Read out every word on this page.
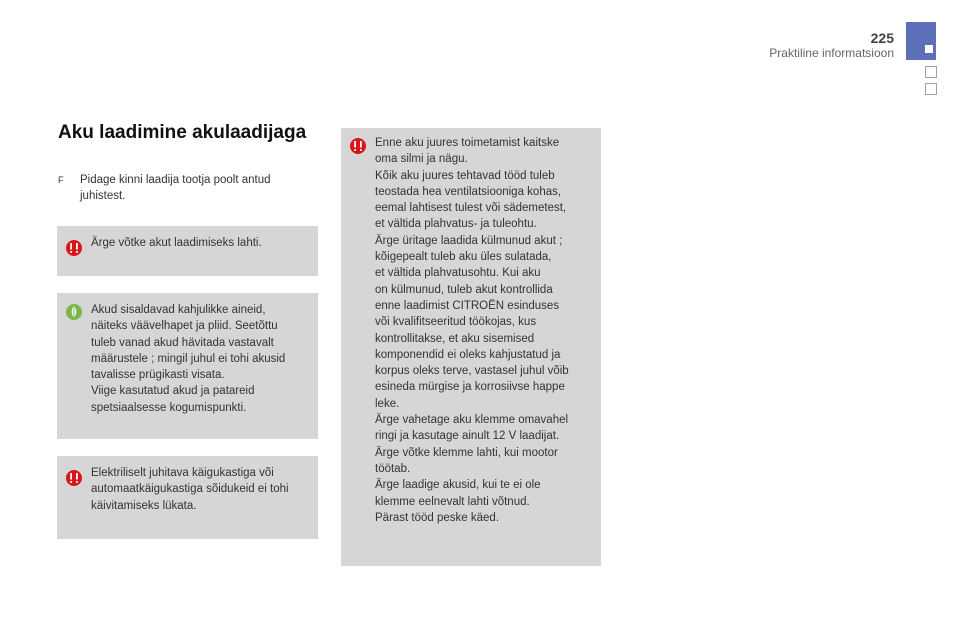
225
Praktiline informatsioon
Aku laadimine akulaadijaga
F	Pidage kinni laadija tootja poolt antud juhistest.
Ärge võtke akut laadimiseks lahti.
Akud sisaldavad kahjulikke aineid,
näiteks väävelhapet ja pliid. Seetõttu
tuleb vanad akud hävitada vastavalt
määrustele ; mingil juhul ei tohi akusid
tavalisse prügikasti visata.
Viige kasutatud akud ja patareid
spetsiaalsesse kogumispunkti.
Elektriliselt juhitava käigukastiga või
automaatkäigukastiga sõidukeid ei tohi
käivitamiseks lükata.
Enne aku juures toimetamist kaitske
oma silmi ja nägu.
Kõik aku juures tehtavad tööd tuleb
teostada hea ventilatsiooniga kohas,
eemal lahtisest tulest või sädemetest,
et vältida plahvatus- ja tuleohtu.
Ärge üritage laadida külmunud akut ;
kõigepealt tuleb aku üles sulatada,
et vältida plahvatusohtu. Kui aku
on külmunud, tuleb akut kontrollida
enne laadimist CITROËN esinduses
või kvalifitseeritud töökojas, kus
kontrollitakse, et aku sisemised
komponendid ei oleks kahjustatud ja
korpus oleks terve, vastasel juhul võib
esineda mürgise ja korrosiivse happe
leke.
Ärge vahetage aku klemme omavahel
ringi ja kasutage ainult 12 V laadijat.
Ärge võtke klemme lahti, kui mootor
töötab.
Ärge laadige akusid, kui te ei ole
klemme eelnevalt lahti võtnud.
Pärast tööd peske käed.
